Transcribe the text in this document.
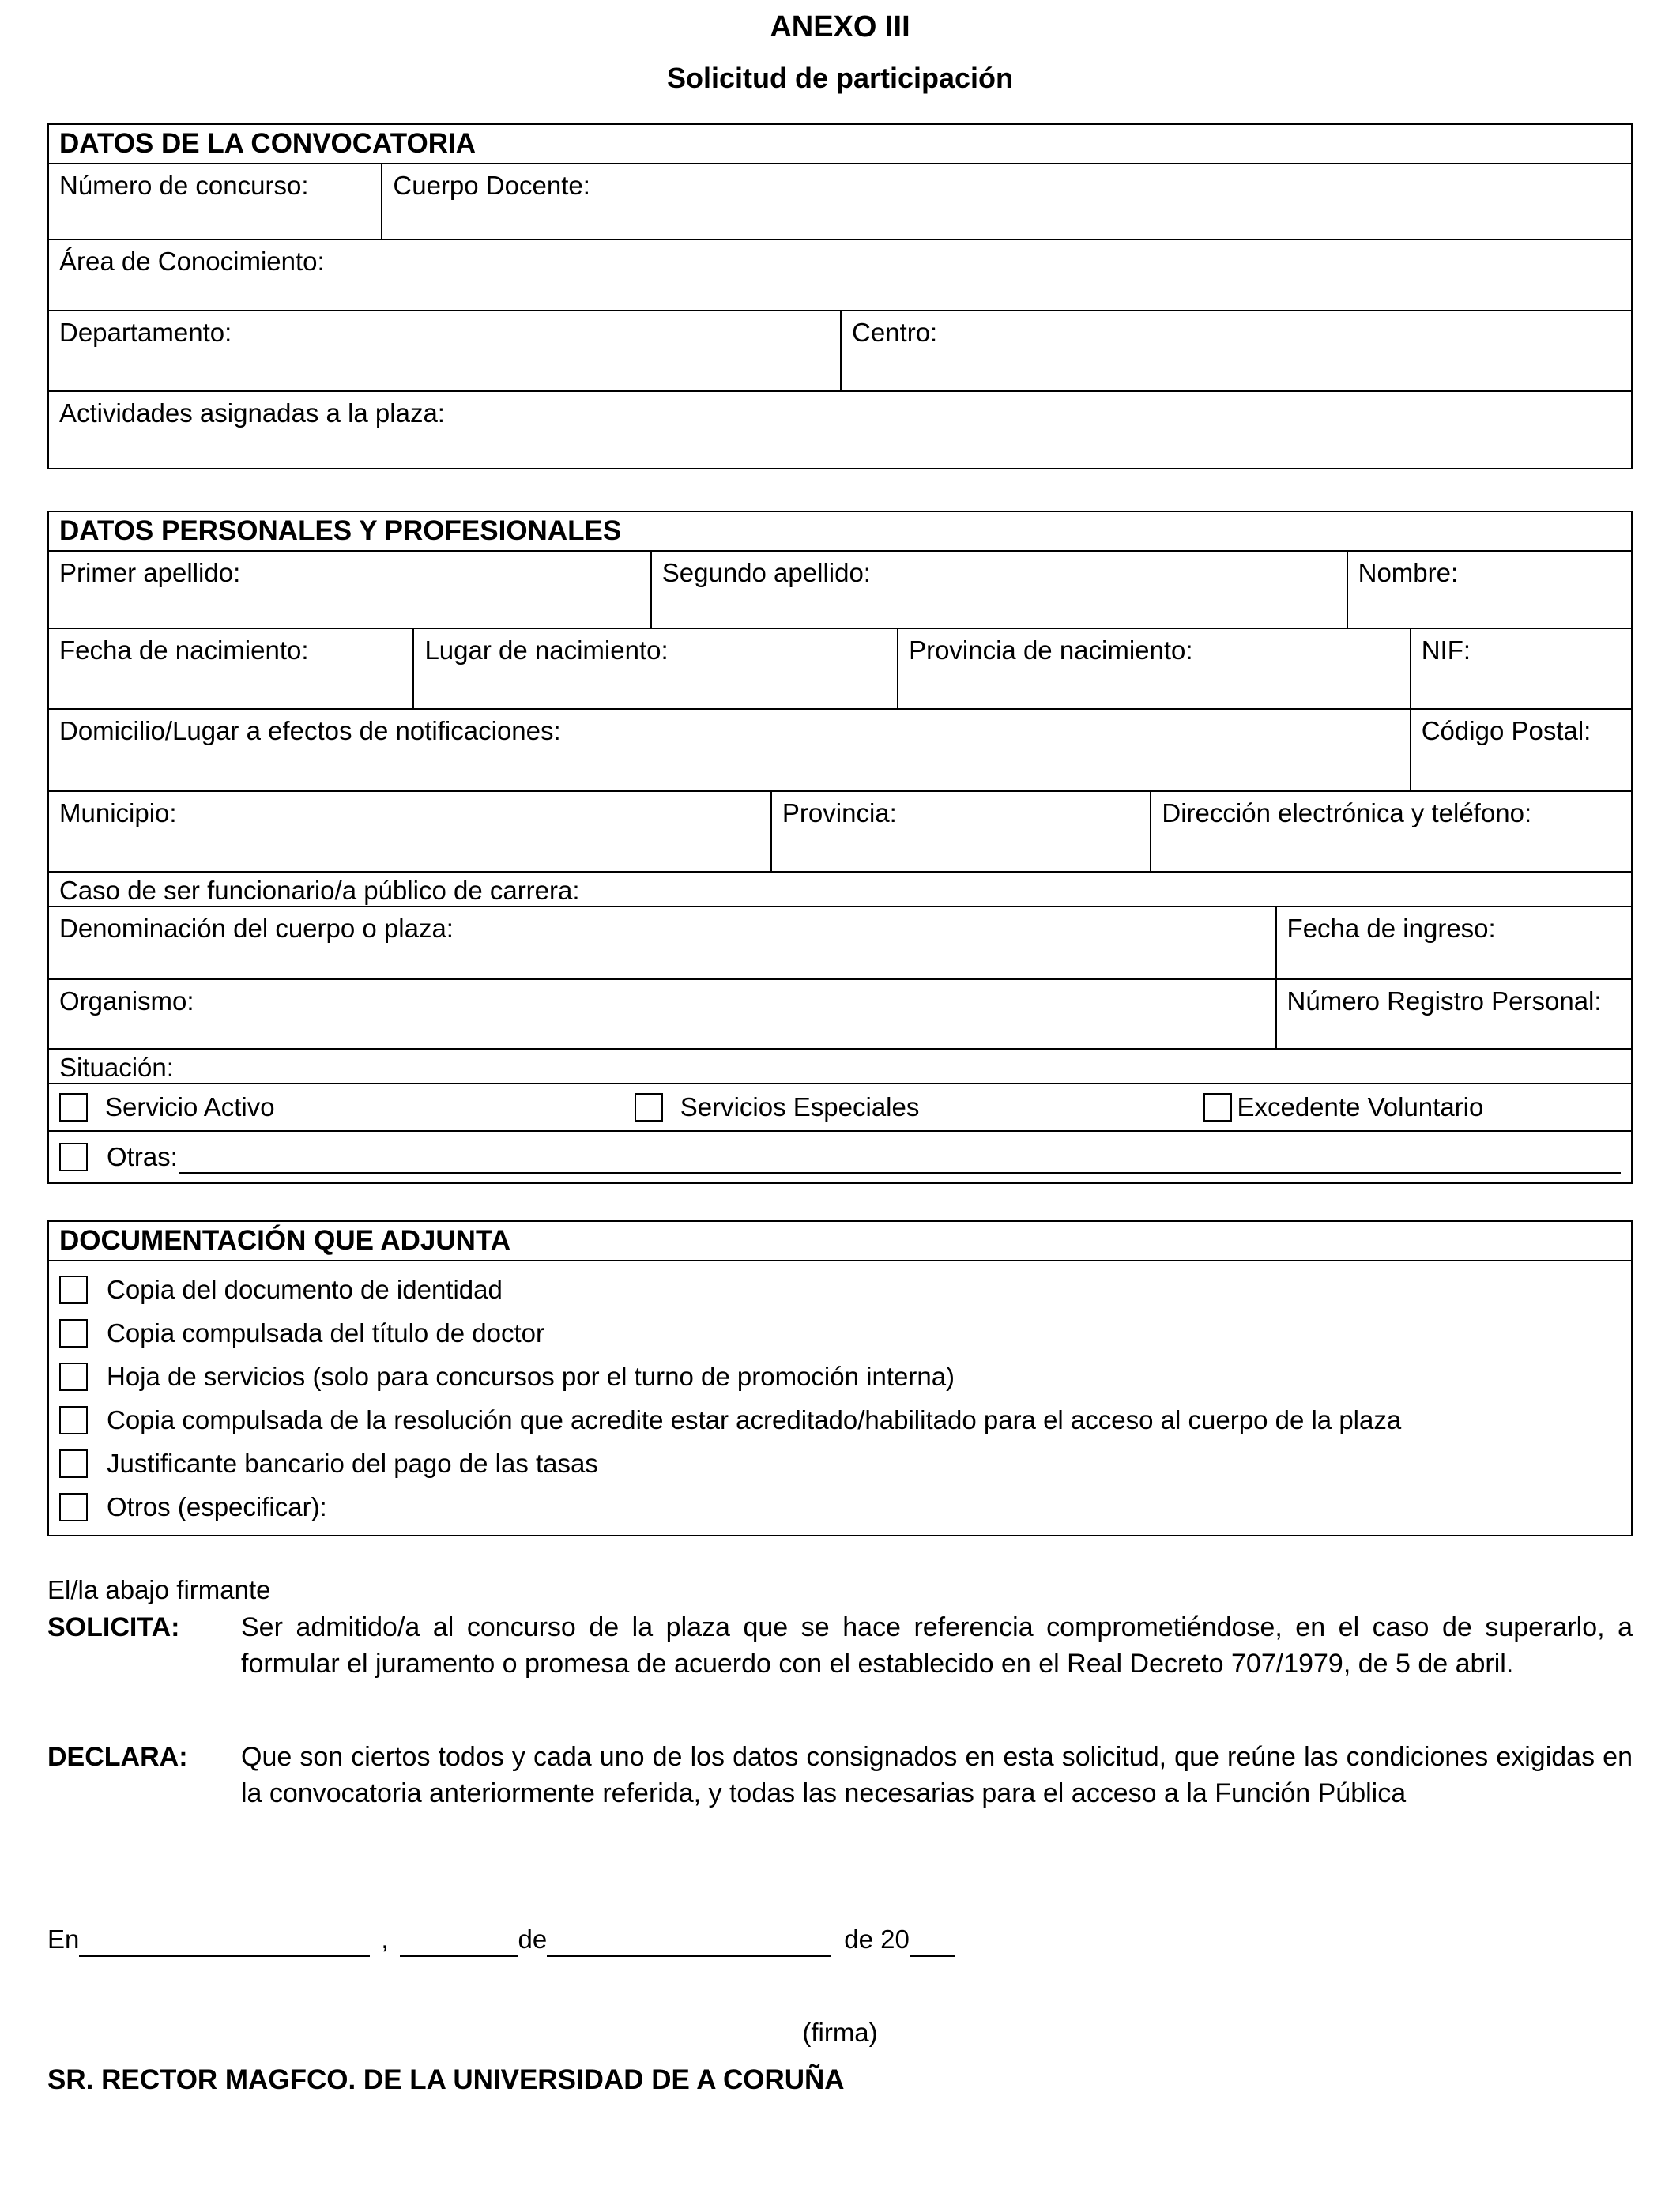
ANEXO III
Solicitud de participación
DATOS DE LA CONVOCATORIA
Número de concurso:	Cuerpo Docente:
Área de Conocimiento:
Departamento:	Centro:
Actividades asignadas a la plaza:
DATOS PERSONALES Y PROFESIONALES
Primer apellido:	Segundo apellido:	Nombre:
Fecha de nacimiento:	Lugar de nacimiento:	Provincia de nacimiento:	NIF:
Domicilio/Lugar a efectos de notificaciones:	Código Postal:
Municipio:	Provincia:	Dirección electrónica y teléfono:
Caso de ser funcionario/a público de carrera:
Denominación del cuerpo o plaza:	Fecha de ingreso:
Organismo:	Número Registro Personal:
Situación:
Servicio Activo	Servicios Especiales	Excedente Voluntario
Otras:
DOCUMENTACIÓN QUE ADJUNTA
Copia del documento de identidad
Copia compulsada del título de doctor
Hoja de servicios (solo para concursos por el turno de promoción interna)
Copia compulsada de la resolución que acredite estar acreditado/habilitado para el acceso al cuerpo de la plaza
Justificante bancario del pago de las tasas
Otros (especificar):
El/la abajo firmante
SOLICITA:	Ser admitido/a al concurso de la plaza que se hace referencia comprometiéndose, en el caso de superarlo, a formular el juramento o promesa de acuerdo con el establecido en el Real Decreto 707/1979, de 5 de abril.
DECLARA:	Que son ciertos todos y cada uno de los datos consignados en esta solicitud, que reúne las condiciones exigidas en la convocatoria anteriormente referida, y todas las necesarias para el acceso a la Función Pública
En	,	de	de 20
(firma)
SR. RECTOR MAGFCO. DE LA UNIVERSIDAD DE A CORUÑA
